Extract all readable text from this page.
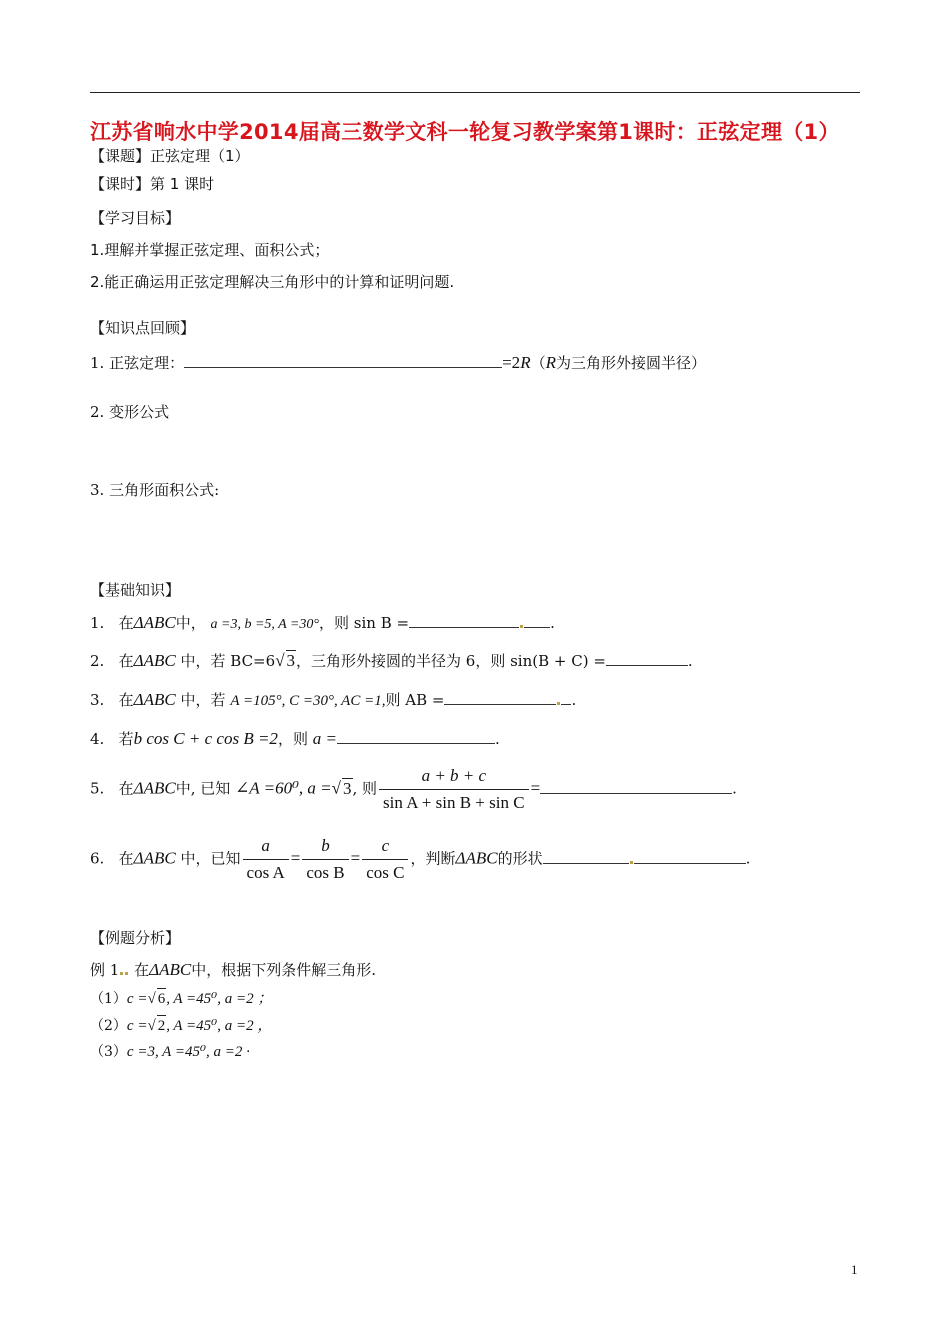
江苏省响水中学2014届高三数学文科一轮复习教学案第1课时：正弦定理（1）
【课题】正弦定理（1）
【课时】第 1 课时
【学习目标】
1.理解并掌握正弦定理、面积公式；
2.能正确运用正弦定理解决三角形中的计算和证明问题.
【知识点回顾】
1. 正弦定理：	=2R（R为三角形外接圆半径）
2. 变形公式
3. 三角形面积公式:
【基础知识】
1. 在ΔABC中， a =3, b =5, A =30°，则 sin B =	.
2. 在ΔABC 中，若 BC=6√ 3，三角形外接圆的半径为 6，则 sin(B + C) =	.
3. 在ΔABC 中，若 A =105°, C =30°, AC =1,则 AB =	.
4. 若b cos C + c cos B =2，则 a =	.
5. 在ΔABC中, 已知 ∠A =60⁰, a =√ 3, 则 $\frac{a + b + c}{\text{sin A + sin B + sin C}}$ =	.
6. 在ΔABC 中，已知 $\frac{a}{\text{cos A}} = \frac{b}{\text{cos B}} = \frac{c}{\text{cos C}}$ ，判断ΔABC的形状	.
【例题分析】
例 1 在ΔABC中，根据下列条件解三角形.
（1）c =√ 6, A =45⁰, a =2 ；
（2）c =√ 2, A =45⁰, a =2 ，
（3）c =3, A =45⁰, a =2 ·
1
